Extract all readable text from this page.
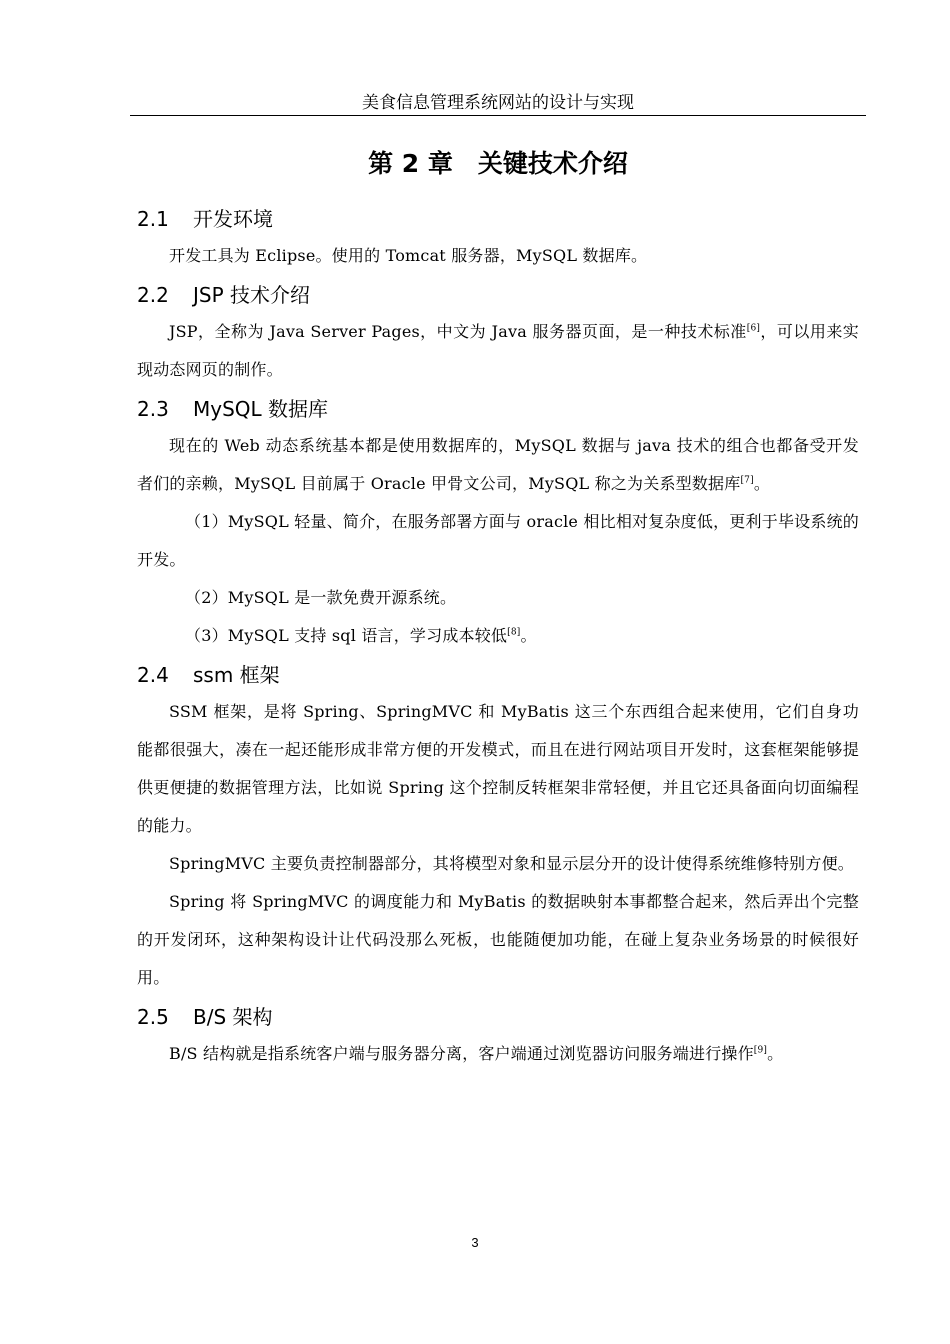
美食信息管理系统网站的设计与实现
第 2 章　关键技术介绍
2.1 开发环境

开发工具为 Eclipse。使用的 Tomcat 服务器，MySQL 数据库。

2.2 JSP 技术介绍

JSP，全称为 Java Server Pages，中文为 Java 服务器页面，是一种技术标准[6]，可以用来实现动态网页的制作。

2.3 MySQL 数据库

现在的 Web 动态系统基本都是使用数据库的，MySQL 数据与 java 技术的组合也都备受开发者们的亲赖，MySQL 目前属于 Oracle 甲骨文公司，MySQL 称之为关系型数据库[7]。

（1）MySQL 轻量、简介，在服务部署方面与 oracle 相比相对复杂度低，更利于毕设系统的开发。

（2）MySQL 是一款免费开源系统。

（3）MySQL 支持 sql 语言，学习成本较低[8]。

2.4 ssm 框架

SSM 框架，是将 Spring、SpringMVC 和 MyBatis 这三个东西组合起来使用，它们自身功能都很强大，凑在一起还能形成非常方便的开发模式，而且在进行网站项目开发时，这套框架能够提供更便捷的数据管理方法，比如说 Spring 这个控制反转框架非常轻便，并且它还具备面向切面编程的能力。

SpringMVC 主要负责控制器部分，其将模型对象和显示层分开的设计使得系统维修特别方便。

Spring 将 SpringMVC 的调度能力和 MyBatis 的数据映射本事都整合起来，然后弄出个完整的开发闭环，这种架构设计让代码没那么死板，也能随便加功能，在碰上复杂业务场景的时候很好用。

2.5 B/S 架构

B/S 结构就是指系统客户端与服务器分离，客户端通过浏览器访问服务端进行操作[9]。

3
